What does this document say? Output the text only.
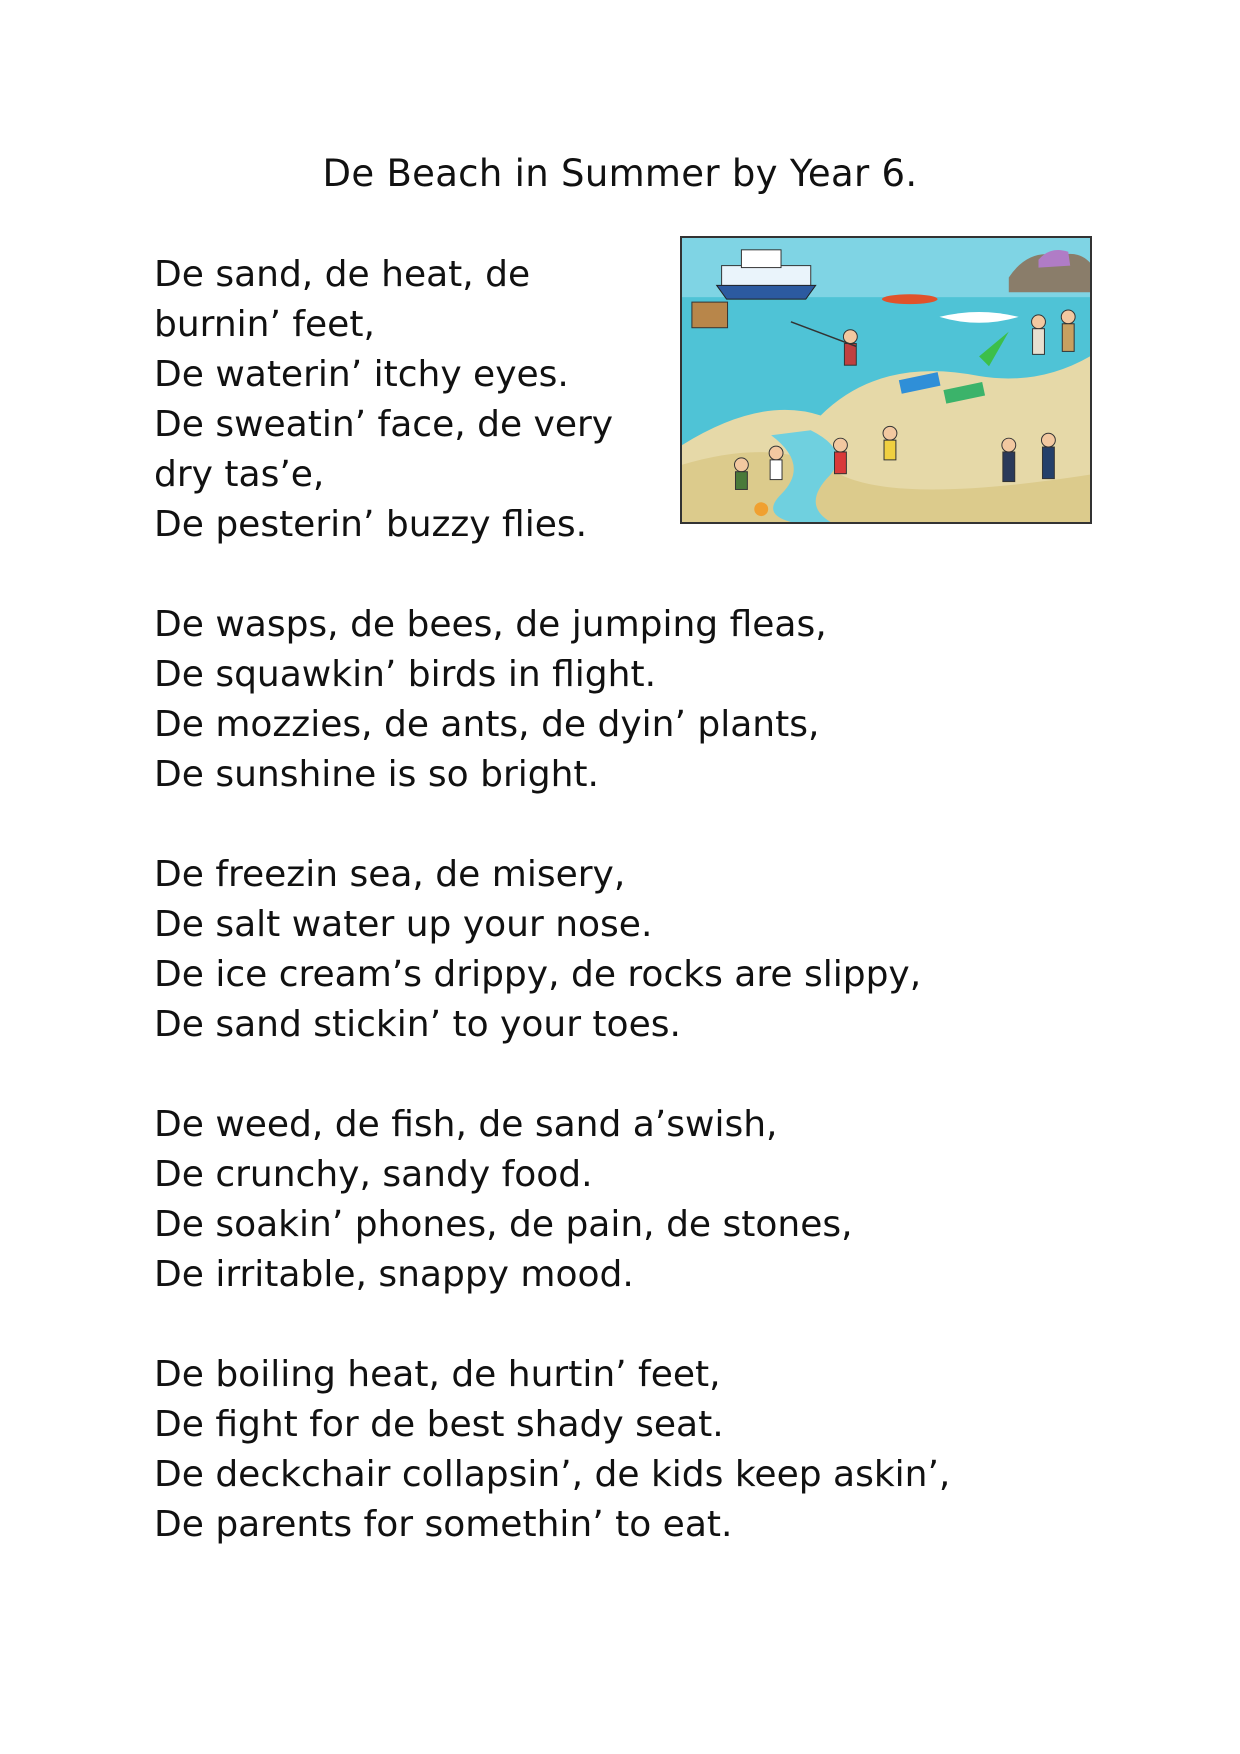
De Beach in Summer by Year 6.
De sand, de heat, de burnin’ feet,
De waterin’ itchy eyes.
De sweatin’ face, de very dry tas’e,
De pesterin’ buzzy flies.
De wasps, de bees, de jumping fleas,
De squawkin’ birds in flight.
De mozzies, de ants, de dyin’ plants,
De sunshine is so bright.
De freezin sea, de misery,
De salt water up your nose.
De ice cream’s drippy, de rocks are slippy,
De sand stickin’ to your toes.
De weed, de fish, de sand a’swish,
De crunchy, sandy food.
De soakin’ phones, de pain, de stones,
De irritable, snappy mood.
De boiling heat, de hurtin’ feet,
De fight for de best shady seat.
De deckchair collapsin’, de kids keep askin’,
De parents for somethin’ to eat.
